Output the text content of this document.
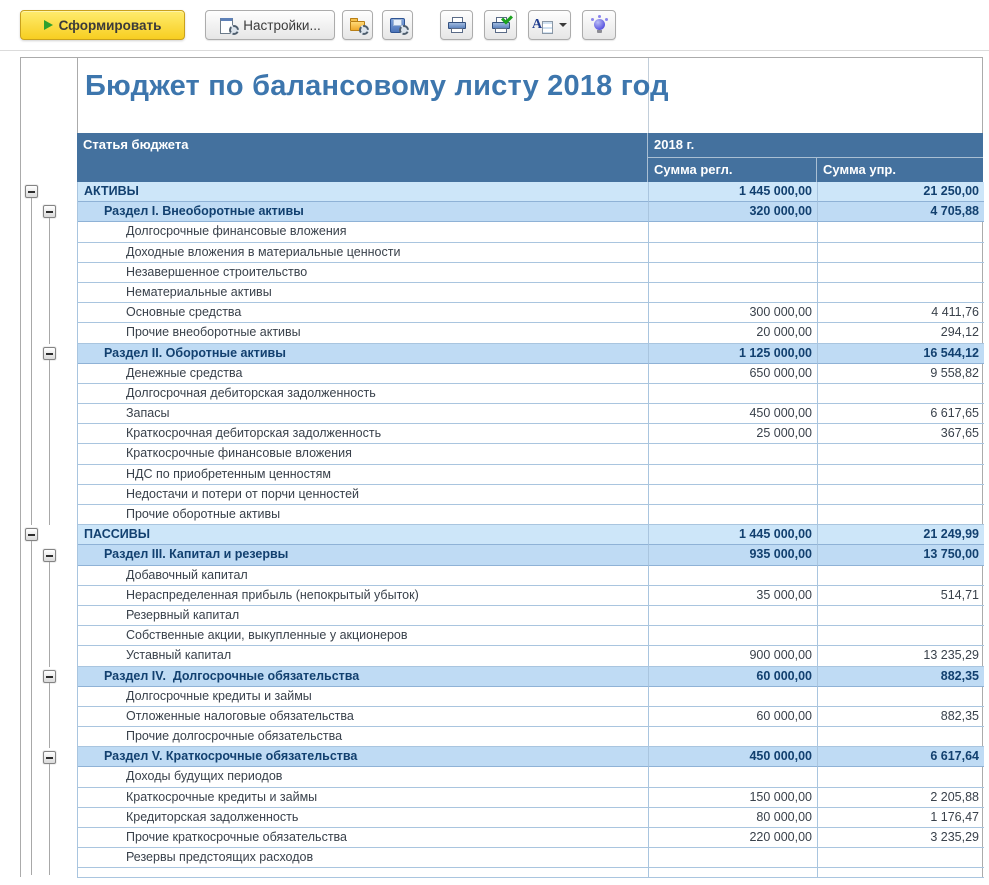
Сформировать	Настройки...	A
Бюджет по балансовому листу 2018 год
Статья бюджета	2018 г.
Сумма регл.	Сумма упр.
АКТИВЫ	1 445 000,00	21 250,00
Раздел I. Внеоборотные активы	320 000,00	4 705,88
Долгосрочные финансовые вложения
Доходные вложения в материальные ценности
Незавершенное строительство
Нематериальные активы
Основные средства	300 000,00	4 411,76
Прочие внеоборотные активы	20 000,00	294,12
Раздел II. Оборотные активы	1 125 000,00	16 544,12
Денежные средства	650 000,00	9 558,82
Долгосрочная дебиторская задолженность
Запасы	450 000,00	6 617,65
Краткосрочная дебиторская задолженность	25 000,00	367,65
Краткосрочные финансовые вложения
НДС по приобретенным ценностям
Недостачи и потери от порчи ценностей
Прочие оборотные активы
ПАССИВЫ	1 445 000,00	21 249,99
Раздел III. Капитал и резервы	935 000,00	13 750,00
Добавочный капитал
Нераспределенная прибыль (непокрытый убыток)	35 000,00	514,71
Резервный капитал
Собственные акции, выкупленные у акционеров
Уставный капитал	900 000,00	13 235,29
Раздел IV.  Долгосрочные обязательства	60 000,00	882,35
Долгосрочные кредиты и займы
Отложенные налоговые обязательства	60 000,00	882,35
Прочие долгосрочные обязательства
Раздел V. Краткосрочные обязательства	450 000,00	6 617,64
Доходы будущих периодов
Краткосрочные кредиты и займы	150 000,00	2 205,88
Кредиторская задолженность	80 000,00	1 176,47
Прочие краткосрочные обязательства	220 000,00	3 235,29
Резервы предстоящих расходов
